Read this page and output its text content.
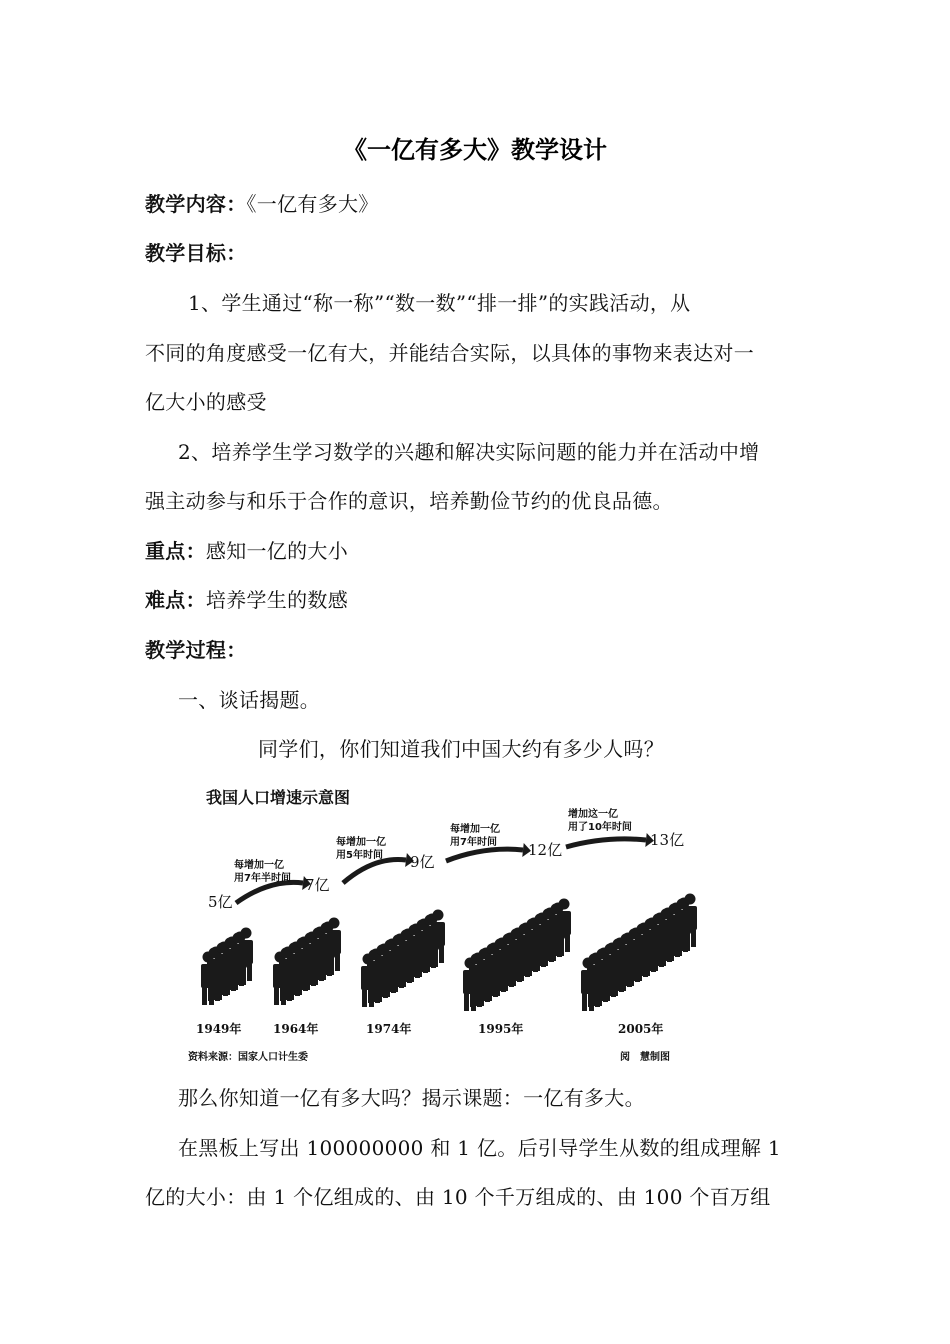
《一亿有多大》教学设计
教学内容：《一亿有多大》
教学目标：
1、学生通过“称一称”“数一数”“排一排”的实践活动，从
不同的角度感受一亿有大，并能结合实际，以具体的事物来表达对一
亿大小的感受
2、培养学生学习数学的兴趣和解决实际问题的能力并在活动中增
强主动参与和乐于合作的意识，培养勤俭节约的优良品德。
重点：感知一亿的大小
难点：培养学生的数感
教学过程：
一、谈话揭题。
同学们，你们知道我们中国大约有多少人吗？
我国人口增速示意图
每增加一亿
用7年半时间
每增加一亿
用5年时间
每增加一亿
用7年时间
增加这一亿
用了10年时间
5亿
1949年
7亿
1964年
9亿
1974年
12亿
1995年
13亿
2005年
资料来源：国家人口计生委	阅　慧制图
那么你知道一亿有多大吗？揭示课题：一亿有多大。
在黑板上写出 100000000 和 1 亿。后引导学生从数的组成理解 1
亿的大小：由 1 个亿组成的、由 10 个千万组成的、由 100 个百万组
